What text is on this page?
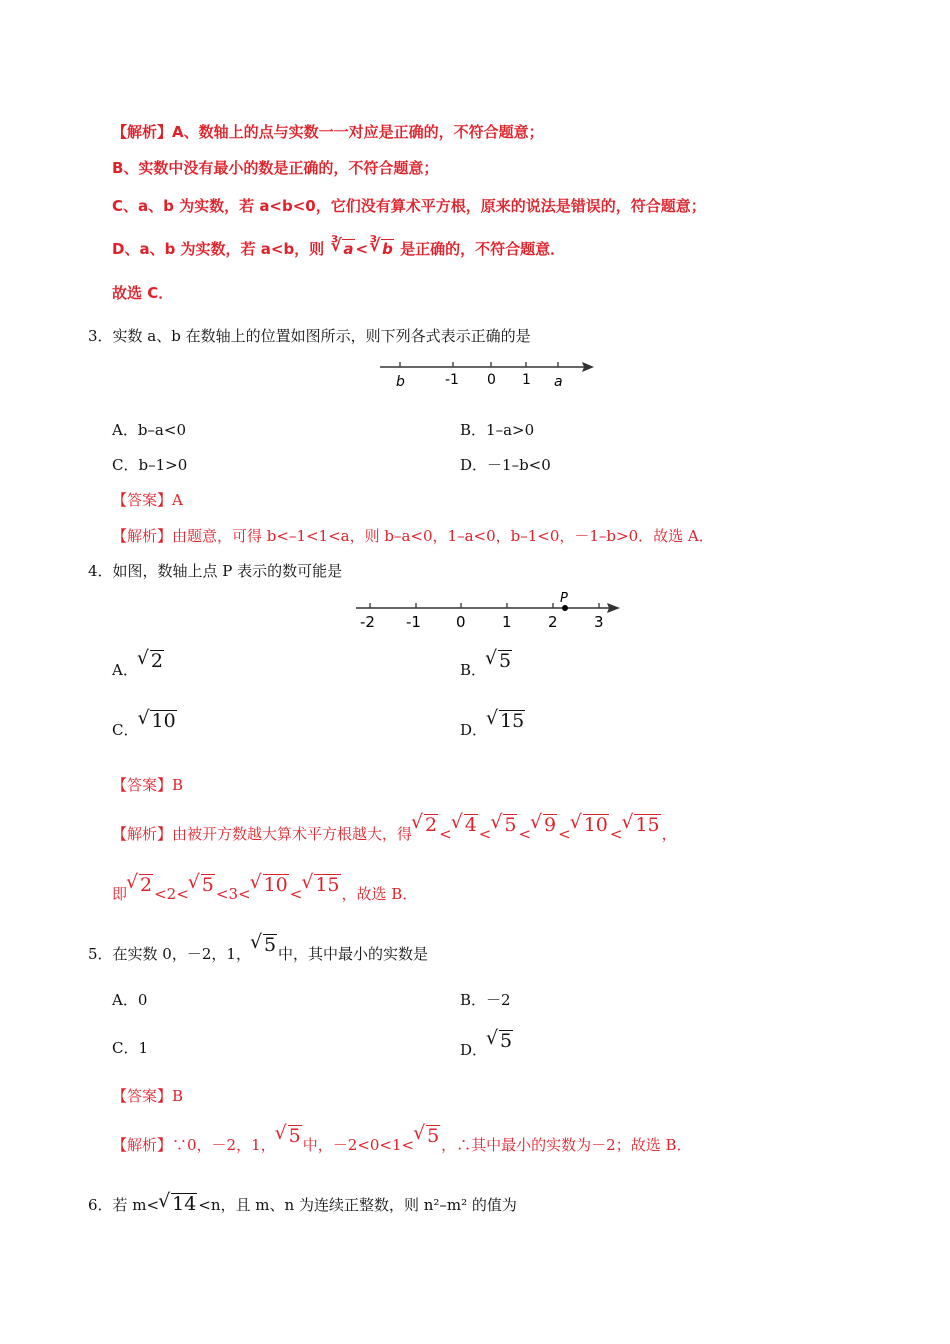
【解析】A、数轴上的点与实数一一对应是正确的，不符合题意；
B、实数中没有最小的数是正确的，不符合题意；
C、a、b 为实数，若 a<b<0，它们没有算术平方根，原来的说法是错误的，符合题意；
D、a、b 为实数，若 a<b，则 ∛ a < ∛ b 是正确的，不符合题意．
故选 C．
3．实数 a、b 在数轴上的位置如图所示，则下列各式表示正确的是
b	-1 0 1 a
A．b–a<0	B．1–a>0
C．b–1>0	D．－1–b<0
【答案】A
【解析】由题意，可得 b<–1<1<a，则 b–a<0，1–a<0，b–1<0，－1–b>0．故选 A．
4．如图，数轴上点 P 表示的数可能是
P
-2 -1 0 1 2 3
A． √ 2	B． √ 5
C． √ 10	D． √ 15
【答案】B
【解析】由被开方数越大算术平方根越大，得 √ 2 < √ 4 < √ 5 < √ 9 < √ 10 < √ 15 ，
即 √ 2 <2< √ 5 <3< √ 10 < √ 15 ，故选 B．
5．在实数 0，－2，1， √ 5 中，其中最小的实数是
A．0	B．－2
C．1	D． √ 5
【答案】B
【解析】∵0，－2，1， √ 5 中，－2<0<1< √ 5 ，∴其中最小的实数为－2；故选 B．
6．若 m< √ 14 <n，且 m、n 为连续正整数，则 n²–m² 的值为
